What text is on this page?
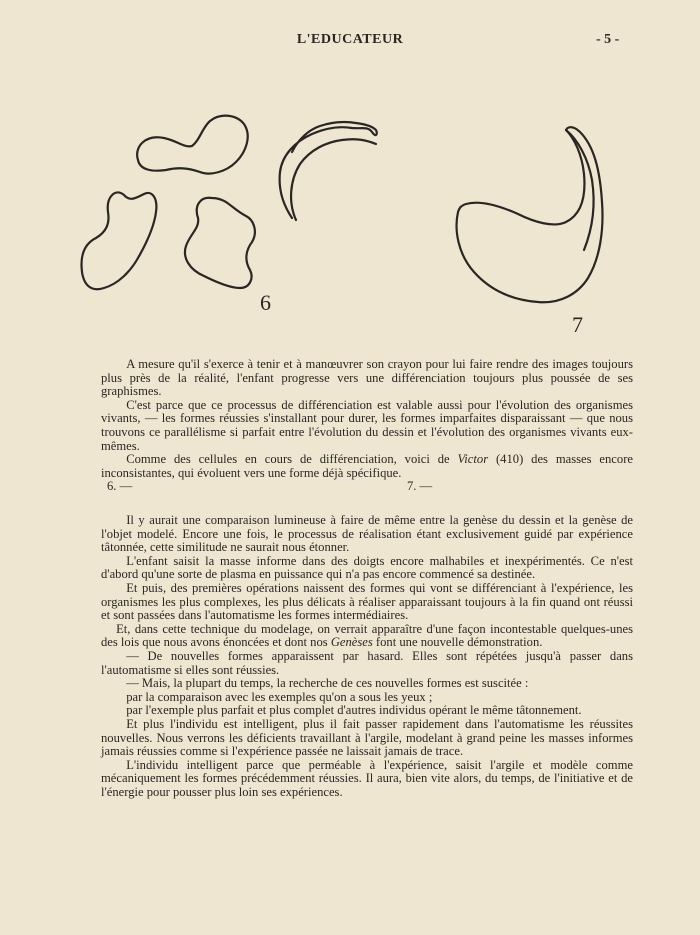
L'EDUCATEUR	- 5 -
6
7

A mesure qu'il s'exerce à tenir et à manœuvrer son crayon pour lui faire rendre des images toujours plus près de la réalité, l'enfant progresse vers une différenciation toujours plus poussée de ses graphismes.

C'est parce que ce processus de différenciation est valable aussi pour l'évolution des organismes vivants, — les formes réussies s'installant pour durer, les formes imparfaites disparaissant — que nous trouvons ce parallélisme si parfait entre l'évolution du dessin et l'évolution des organismes vivants eux-mêmes.

Comme des cellules en cours de différenciation, voici de Victor (410) des masses encore inconsistantes, qui évoluent vers une forme déjà spécifique.

6. —	7. —

Il y aurait une comparaison lumineuse à faire de même entre la genèse du dessin et la genèse de l'objet modelé. Encore une fois, le processus de réalisation étant exclusivement guidé par expérience tâtonnée, cette similitude ne saurait nous étonner.

L'enfant saisit la masse informe dans des doigts encore malhabiles et inexpérimentés. Ce n'est d'abord qu'une sorte de plasma en puissance qui n'a pas encore commencé sa destinée.

Et puis, des premières opérations naissent des formes qui vont se différenciant à l'expérience, les organismes les plus complexes, les plus délicats à réaliser apparaissant toujours à la fin quand ont réussi et sont passées dans l'automatisme les formes intermédiaires.

Et, dans cette technique du modelage, on verrait apparaître d'une façon incontestable quelques-unes des lois que nous avons énoncées et dont nos Genèses font une nouvelle démonstration.

— De nouvelles formes apparaissent par hasard. Elles sont répétées jusqu'à passer dans l'automatisme si elles sont réussies.

— Mais, la plupart du temps, la recherche de ces nouvelles formes est suscitée :

par la comparaison avec les exemples qu'on a sous les yeux ;

par l'exemple plus parfait et plus complet d'autres individus opérant le même tâtonnement.

Et plus l'individu est intelligent, plus il fait passer rapidement dans l'automatisme les réussites nouvelles. Nous verrons les déficients travaillant à l'argile, modelant à grand peine les masses informes jamais réussies comme si l'expérience passée ne laissait jamais de trace.

L'individu intelligent parce que perméable à l'expérience, saisit l'argile et modèle comme mécaniquement les formes précédemment réussies. Il aura, bien vite alors, du temps, de l'initiative et de l'énergie pour pousser plus loin ses expériences.
